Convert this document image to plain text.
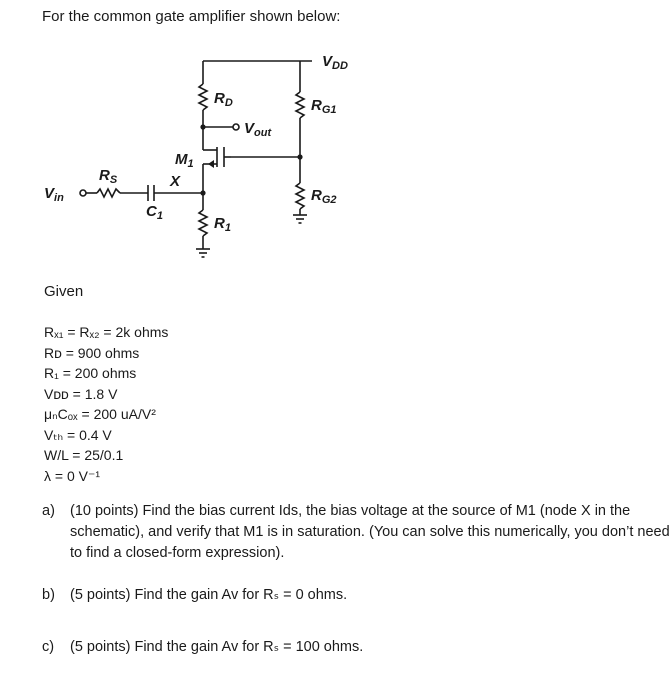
For the common gate amplifier shown below:
$V_{DD}$
$R_D$	$R_{G1}$
$V_{out}$
$M_1$
$R_S$	X
$V_{in}$
$C_1$
$R_{G2}$
$R_1$
Given
Rₓ₁ = Rₓ₂ = 2k ohms
Rᴅ = 900 ohms
R₁ = 200 ohms
Vᴅᴅ = 1.8 V
μₙCₒₓ = 200 uA/V²
Vₜₕ = 0.4 V
W/L = 25/0.1
λ = 0 V⁻¹
a) (10 points) Find the bias current Ids, the bias voltage at the source of M1 (node X in the schematic), and verify that M1 is in saturation. (You can solve this numerically, you don’t need to find a closed-form expression).
b) (5 points) Find the gain Av for Rₛ = 0 ohms.
c) (5 points) Find the gain Av for Rₛ = 100 ohms.
